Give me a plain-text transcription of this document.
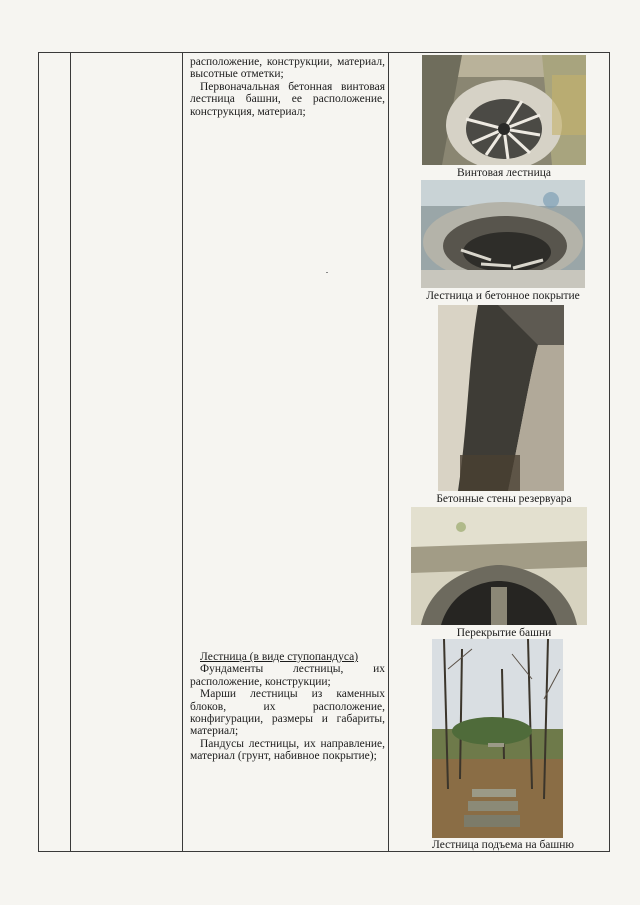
расположение, конструкции, материал, высотные отметки;

Первоначальная бетонная винтовая лестница башни, ее расположение, конструкция, материал;

Лестница (в виде ступопандуса)

Фундаменты лестницы, их расположение, конструкции;

Марши лестницы из каменных блоков, их расположение, конфигурации, размеры и габариты, материал;

Пандусы лестницы, их направление, материал (грунт, набивное покрытие);

Винтовая лестница
Лестница и бетонное покрытие
Бетонные стены резервуара
Перекрытие башни
Лестница подъема на башню
